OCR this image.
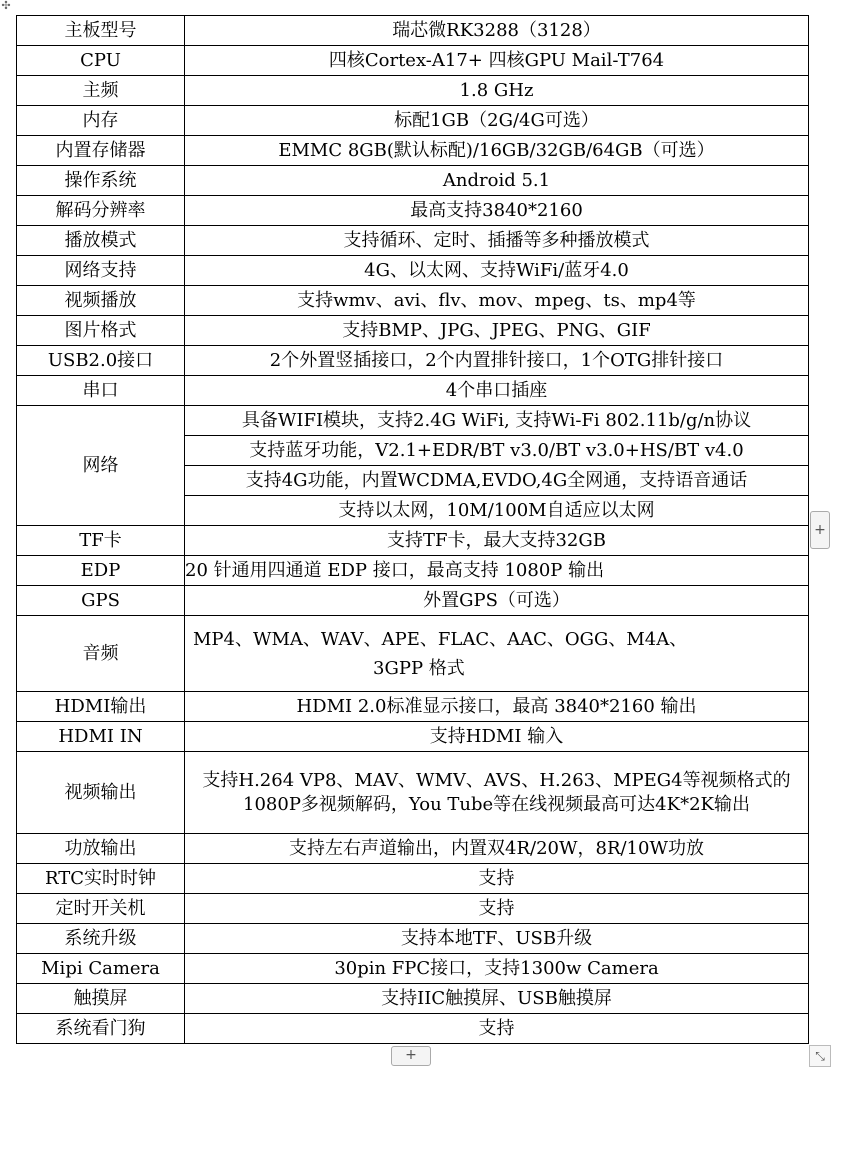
✣
主板型号	瑞芯微RK3288（3128）
CPU	四核Cortex-A17+ 四核GPU Mail-T764
主频	1.8 GHz
内存	标配1GB（2G/4G可选）
内置存储器	EMMC 8GB(默认标配)/16GB/32GB/64GB（可选）
操作系统	Android 5.1
解码分辨率	最高支持3840*2160
播放模式	支持循环、定时、插播等多种播放模式
网络支持	4G、以太网、支持WiFi/蓝牙4.0
视频播放	支持wmv、avi、flv、mov、mpeg、ts、mp4等
图片格式	支持BMP、JPG、JPEG、PNG、GIF
USB2.0接口	2个外置竖插接口，2个内置排针接口，1个OTG排针接口
串口	4个串口插座
网络	具备WIFI模块，支持2.4G WiFi, 支持Wi-Fi 802.11b/g/n协议
	支持蓝牙功能，V2.1+EDR/BT v3.0/BT v3.0+HS/BT v4.0
	支持4G功能，内置WCDMA,EVDO,4G全网通，支持语音通话
	支持以太网，10M/100M自适应以太网
TF卡	支持TF卡，最大支持32GB
EDP	20 针通用四通道 EDP 接口，最高支持 1080P 输出
GPS	外置GPS（可选）
音频	MP4、WMA、WAV、APE、FLAC、AAC、OGG、M4A、
3GPP 格式

HDMI输出	HDMI 2.0标准显示接口，最高 3840*2160 输出
HDMI IN	支持HDMI 输入
视频输出	支持H.264 VP8、MAV、WMV、AVS、H.263、MPEG4等视频格式的
1080P多视频解码，You Tube等在线视频最高可达4K*2K输出

功放输出	支持左右声道输出，内置双4R/20W，8R/10W功放
RTC实时时钟	支持
定时开关机	支持
系统升级	支持本地TF、USB升级
Mipi Camera	30pin FPC接口，支持1300w Camera
触摸屏	支持IIC触摸屏、USB触摸屏
系统看门狗	支持
+
+	⤡
